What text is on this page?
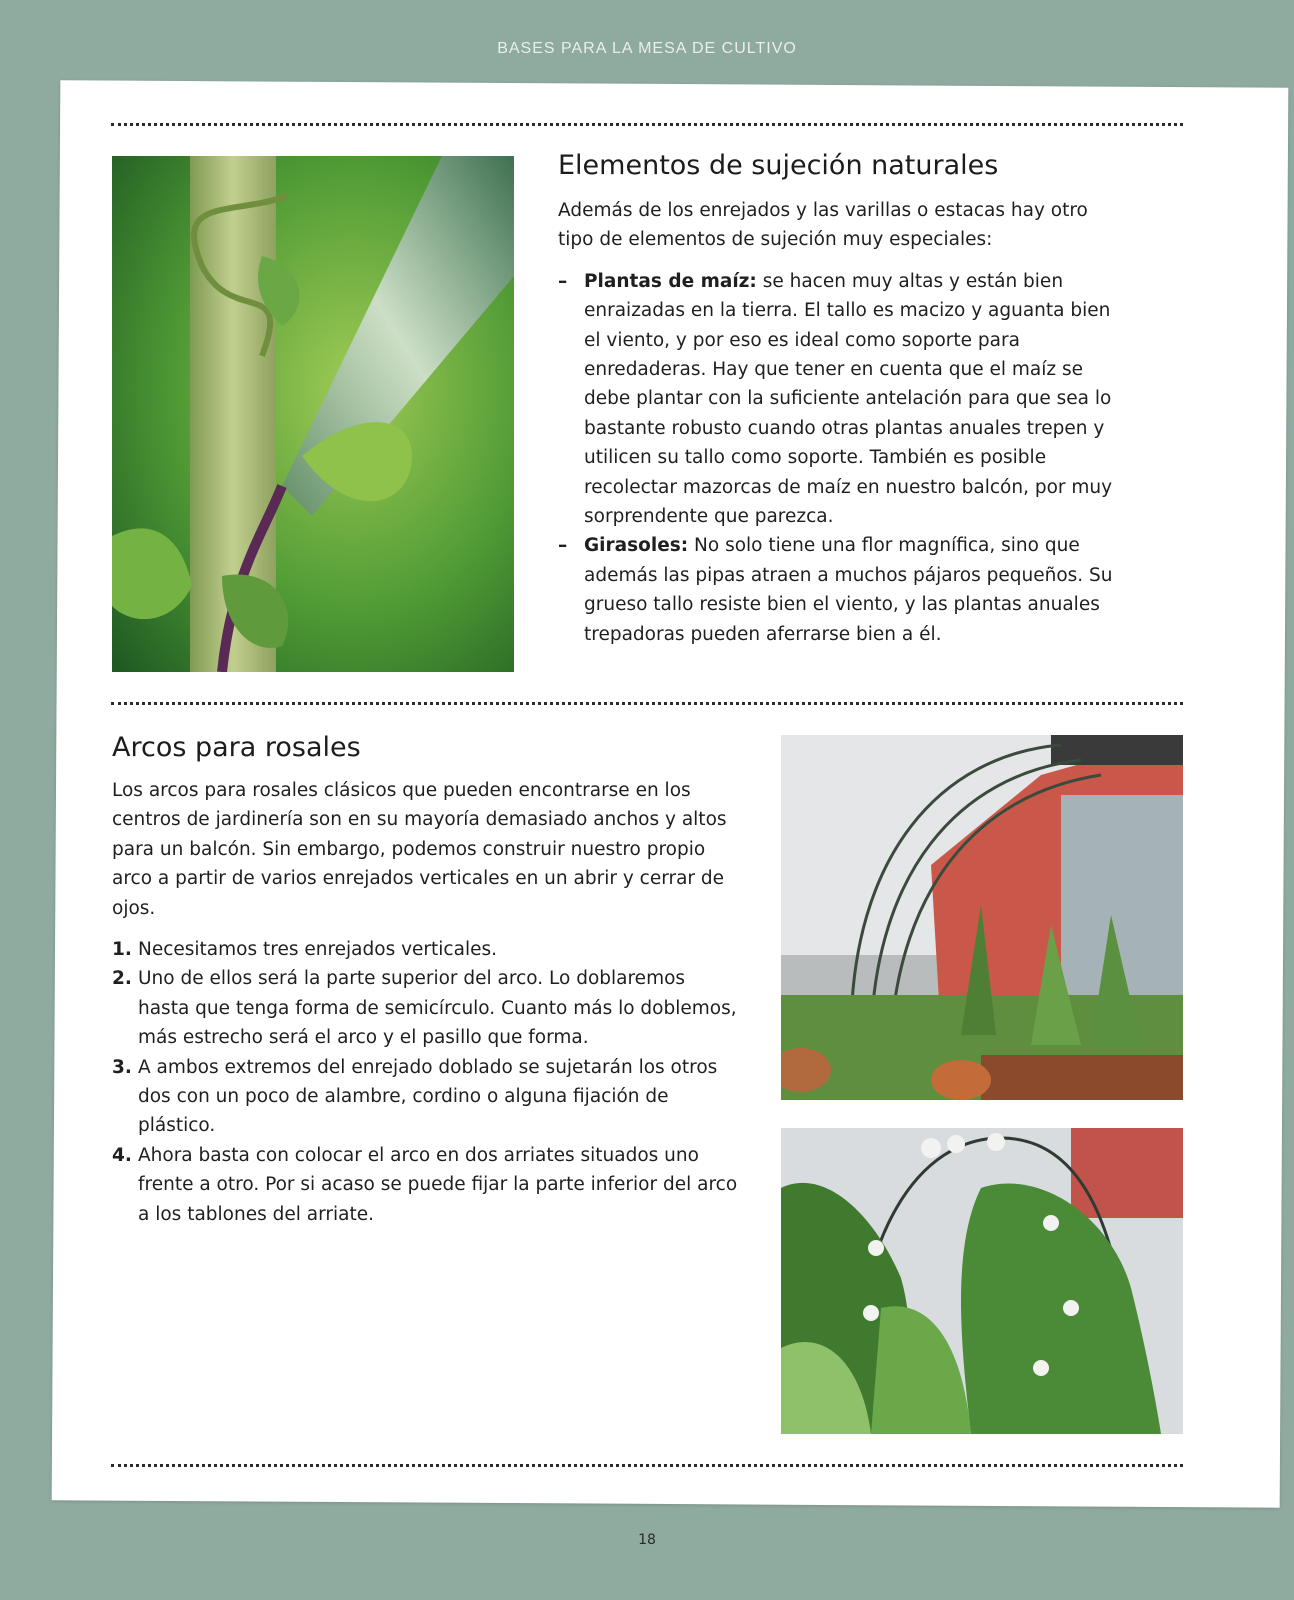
BASES PARA LA MESA DE CULTIVO
Elementos de sujeción naturales

Además de los enrejados y las varillas o estacas hay otro tipo de elementos de sujeción muy especiales:

– Plantas de maíz: se hacen muy altas y están bien enraizadas en la tierra. El tallo es macizo y aguanta bien el viento, y por eso es ideal como soporte para enredaderas. Hay que tener en cuenta que el maíz se debe plantar con la suficiente antelación para que sea lo bastante robusto cuando otras plantas anuales trepen y utilicen su tallo como soporte. También es posible recolectar mazorcas de maíz en nuestro balcón, por muy sorprendente que parezca.
– Girasoles: No solo tiene una flor magnífica, sino que además las pipas atraen a muchos pájaros pequeños. Su grueso tallo resiste bien el viento, y las plantas anuales trepadoras pueden aferrarse bien a él.
Arcos para rosales

Los arcos para rosales clásicos que pueden encontrarse en los centros de jardinería son en su mayoría demasiado anchos y altos para un balcón. Sin embargo, podemos construir nuestro propio arco a partir de varios enrejados verticales en un abrir y cerrar de ojos.

1. Necesitamos tres enrejados verticales.
2. Uno de ellos será la parte superior del arco. Lo doblaremos hasta que tenga forma de semicírculo. Cuanto más lo doblemos, más estrecho será el arco y el pasillo que forma.
3. A ambos extremos del enrejado doblado se sujetarán los otros dos con un poco de alambre, cordino o alguna fijación de plástico.
4. Ahora basta con colocar el arco en dos arriates situados uno frente a otro. Por si acaso se puede fijar la parte inferior del arco a los tablones del arriate.
18
